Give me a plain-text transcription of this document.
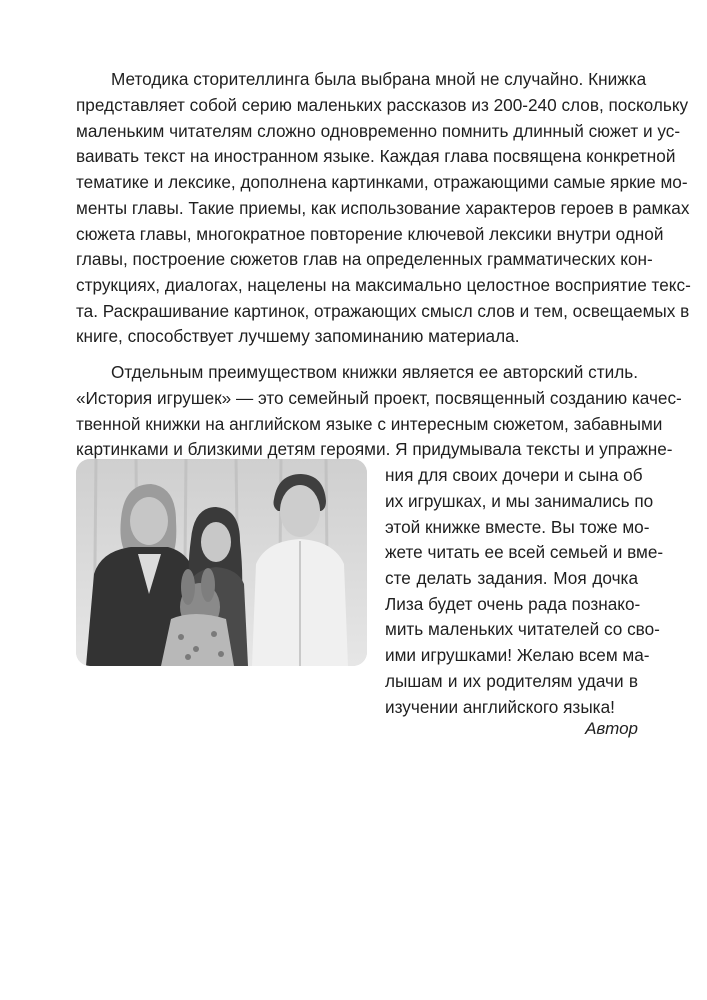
Методика сторителлинга была выбрана мной не случайно. Книжка
представляет собой серию маленьких рассказов из 200-240 слов, поскольку
маленьким читателям сложно одновременно помнить длинный сюжет и ус-
ваивать текст на иностранном языке. Каждая глава посвящена конкретной
тематике и лексике, дополнена картинками, отражающими самые яркие мо-
менты главы. Такие приемы, как использование характеров героев в рамках
сюжета главы, многократное повторение ключевой лексики внутри одной
главы, построение сюжетов глав на определенных грамматических кон-
струкциях, диалогах, нацелены на максимально целостное восприятие текс-
та. Раскрашивание картинок, отражающих смысл слов и тем, освещаемых в
книге, способствует лучшему запоминанию материала.
Отдельным преимуществом книжки является ее авторский стиль.
«История игрушек» — это семейный проект, посвященный созданию качес-
твенной книжки на английском языке с интересным сюжетом, забавными
картинками и близкими детям героями. Я придумывала тексты и упражне-
ния для своих дочери и сына об
их игрушках, и мы занимались по
этой книжке вместе. Вы тоже мо-
жете читать ее всей семьей и вме-
сте делать задания. Моя дочка
Лиза будет очень рада познако-
мить маленьких читателей со сво-
ими игрушками! Желаю всем ма-
лышам и их родителям удачи в
изучении английского языка!
Автор
